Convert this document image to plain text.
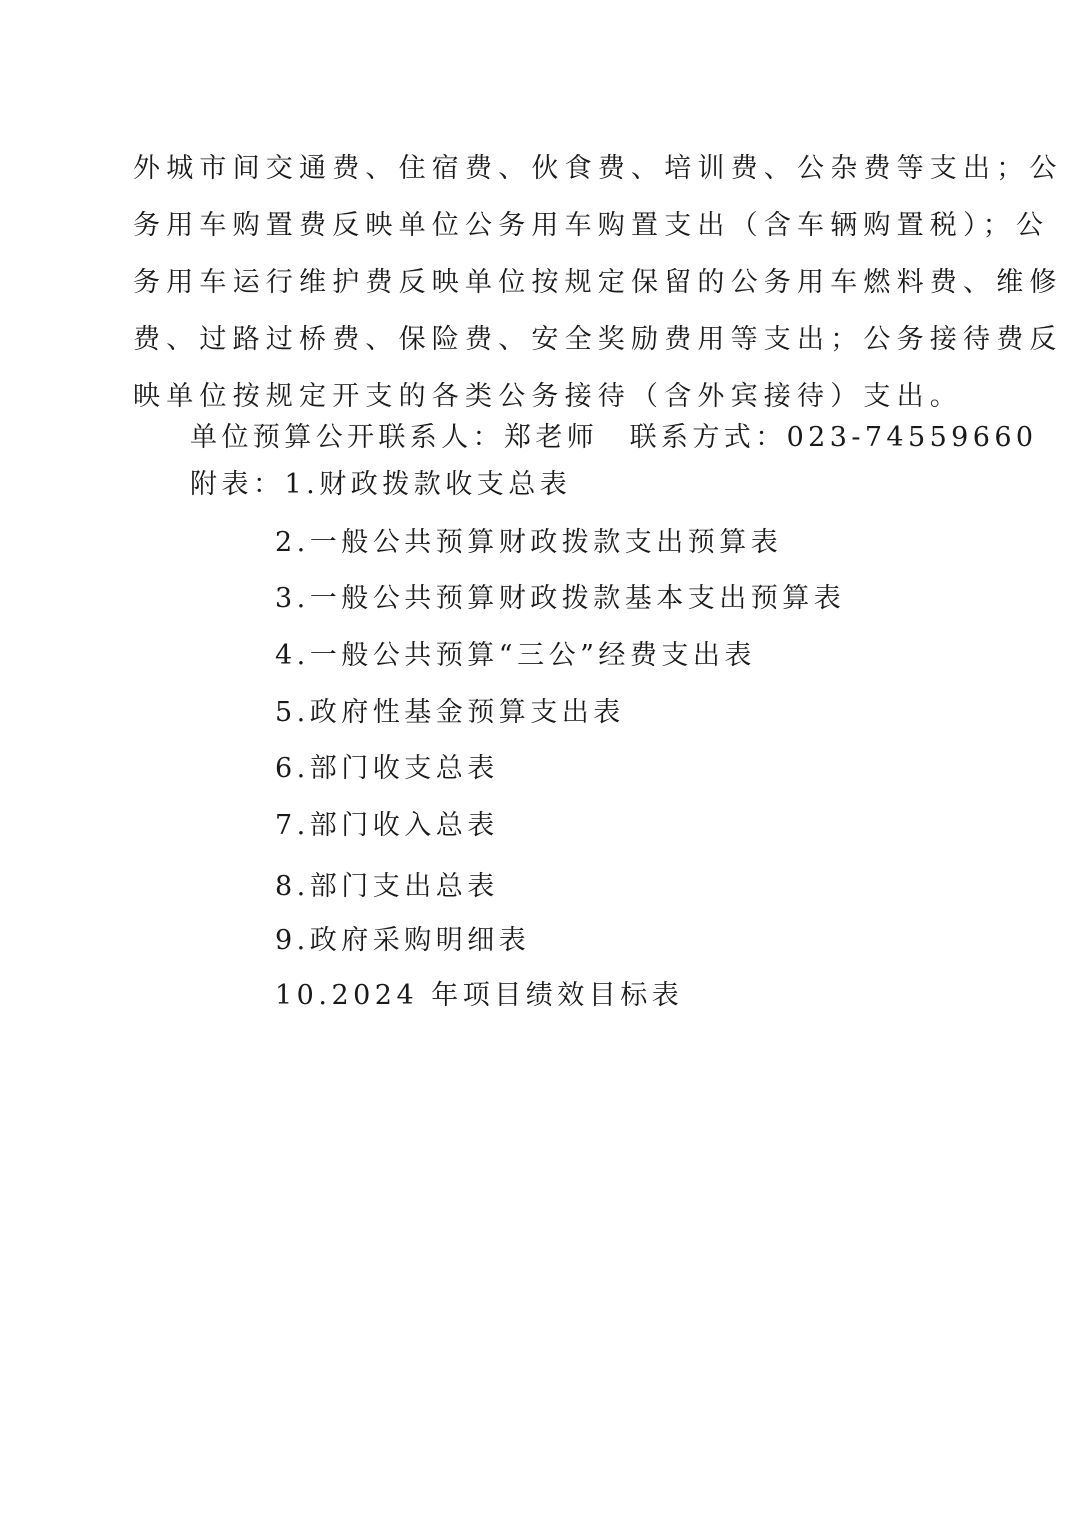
外城市间交通费、住宿费、伙食费、培训费、公杂费等支出；公
务用车购置费反映单位公务用车购置支出（含车辆购置税）；公
务用车运行维护费反映单位按规定保留的公务用车燃料费、维修
费、过路过桥费、保险费、安全奖励费用等支出；公务接待费反
映单位按规定开支的各类公务接待（含外宾接待）支出。
单位预算公开联系人：郑老师　联系方式：023-74559660
附表：1.财政拨款收支总表
2.一般公共预算财政拨款支出预算表
3.一般公共预算财政拨款基本支出预算表
4.一般公共预算“三公”经费支出表
5.政府性基金预算支出表
6.部门收支总表
7.部门收入总表
8.部门支出总表
9.政府采购明细表
10.2024 年项目绩效目标表
